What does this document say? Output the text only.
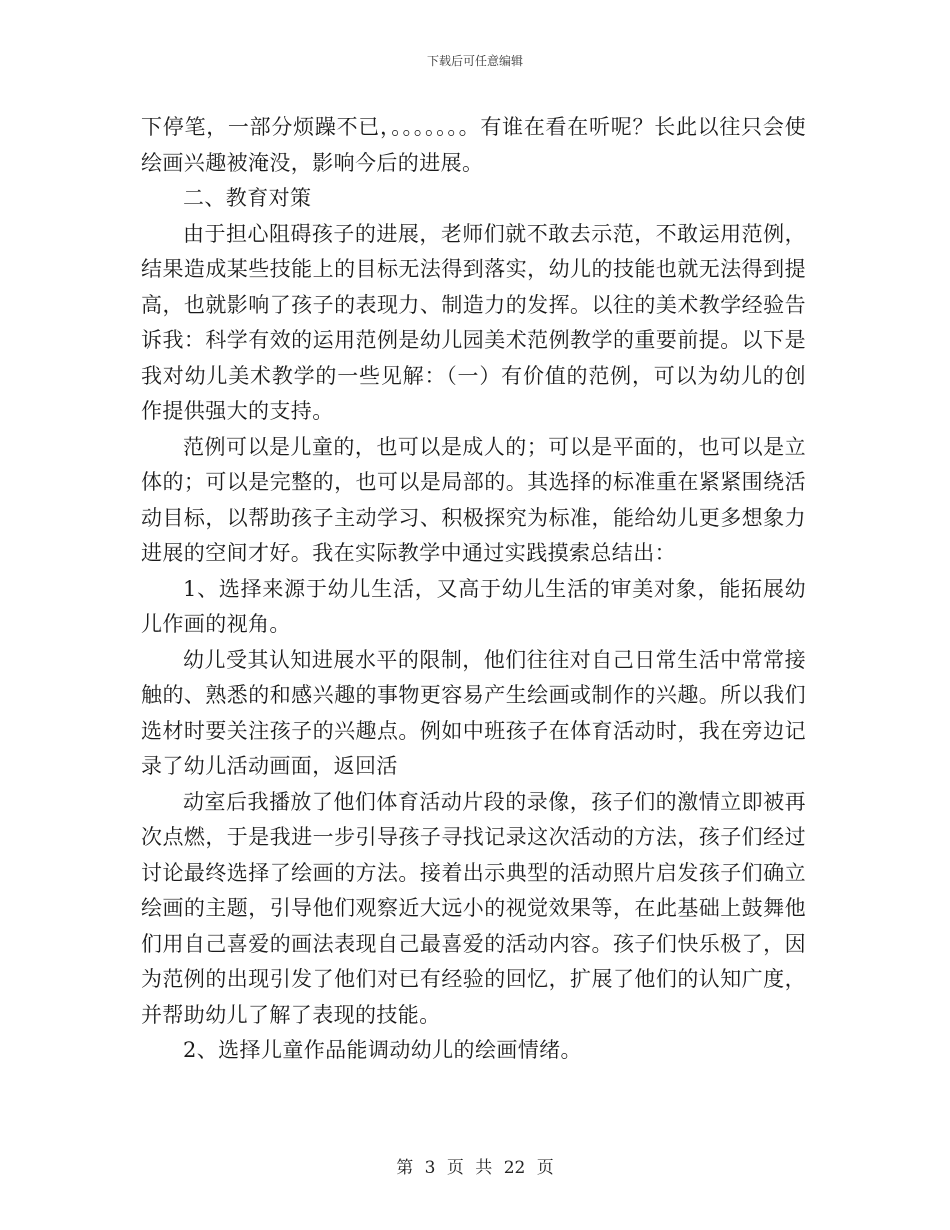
下载后可任意编辑

下停笔，一部分烦躁不已，。。。。。。。有谁在看在听呢？长此以往只会使绘画兴趣被淹没，影响今后的进展。

二、教育对策

由于担心阻碍孩子的进展，老师们就不敢去示范，不敢运用范例，结果造成某些技能上的目标无法得到落实，幼儿的技能也就无法得到提高，也就影响了孩子的表现力、制造力的发挥。以往的美术教学经验告诉我：科学有效的运用范例是幼儿园美术范例教学的重要前提。以下是我对幼儿美术教学的一些见解：（一）有价值的范例，可以为幼儿的创作提供强大的支持。

范例可以是儿童的，也可以是成人的；可以是平面的，也可以是立体的；可以是完整的，也可以是局部的。其选择的标准重在紧紧围绕活动目标，以帮助孩子主动学习、积极探究为标准，能给幼儿更多想象力进展的空间才好。我在实际教学中通过实践摸索总结出：

1、选择来源于幼儿生活，又高于幼儿生活的审美对象，能拓展幼儿作画的视角。

幼儿受其认知进展水平的限制，他们往往对自己日常生活中常常接触的、熟悉的和感兴趣的事物更容易产生绘画或制作的兴趣。所以我们选材时要关注孩子的兴趣点。例如中班孩子在体育活动时，我在旁边记录了幼儿活动画面，返回活

动室后我播放了他们体育活动片段的录像，孩子们的激情立即被再次点燃，于是我进一步引导孩子寻找记录这次活动的方法，孩子们经过讨论最终选择了绘画的方法。接着出示典型的活动照片启发孩子们确立绘画的主题，引导他们观察近大远小的视觉效果等，在此基础上鼓舞他们用自己喜爱的画法表现自己最喜爱的活动内容。孩子们快乐极了，因为范例的出现引发了他们对已有经验的回忆，扩展了他们的认知广度，并帮助幼儿了解了表现的技能。

2、选择儿童作品能调动幼儿的绘画情绪。

第 3 页 共 22 页
